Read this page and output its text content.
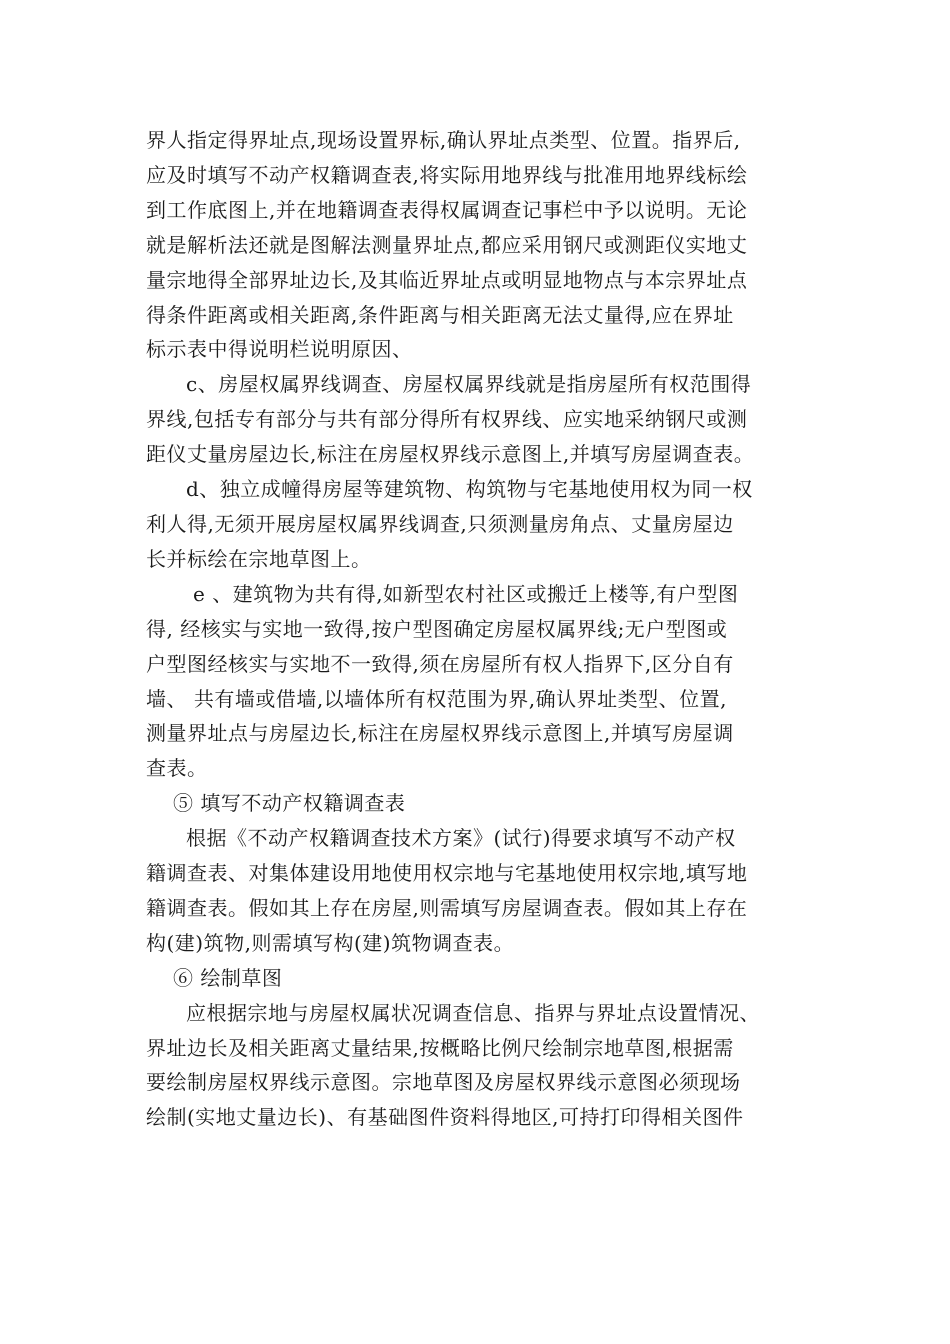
界人指定得界址点,现场设置界标,确认界址点类型、位置。指界后,
应及时填写不动产权籍调查表,将实际用地界线与批准用地界线标绘
到工作底图上,并在地籍调查表得权属调查记事栏中予以说明。无论
就是解析法还就是图解法测量界址点,都应采用钢尺或测距仪实地丈
量宗地得全部界址边长,及其临近界址点或明显地物点与本宗界址点
得条件距离或相关距离,条件距离与相关距离无法丈量得,应在界址
标示表中得说明栏说明原因、
c、房屋权属界线调查、房屋权属界线就是指房屋所有权范围得
界线,包括专有部分与共有部分得所有权界线、应实地采纳钢尺或测
距仪丈量房屋边长,标注在房屋权界线示意图上,并填写房屋调查表。
d、独立成幢得房屋等建筑物、构筑物与宅基地使用权为同一权
利人得,无须开展房屋权属界线调查,只须测量房角点、丈量房屋边
长并标绘在宗地草图上。
e 、建筑物为共有得,如新型农村社区或搬迁上楼等,有户型图
得, 经核实与实地一致得,按户型图确定房屋权属界线;无户型图或
户型图经核实与实地不一致得,须在房屋所有权人指界下,区分自有
墙、 共有墙或借墙,以墙体所有权范围为界,确认界址类型、位置,
测量界址点与房屋边长,标注在房屋权界线示意图上,并填写房屋调
查表。
⑤ 填写不动产权籍调查表
根据《不动产权籍调查技术方案》(试行)得要求填写不动产权
籍调查表、对集体建设用地使用权宗地与宅基地使用权宗地,填写地
籍调查表。假如其上存在房屋,则需填写房屋调查表。假如其上存在
构(建)筑物,则需填写构(建)筑物调查表。
⑥ 绘制草图
应根据宗地与房屋权属状况调查信息、指界与界址点设置情况、
界址边长及相关距离丈量结果,按概略比例尺绘制宗地草图,根据需
要绘制房屋权界线示意图。宗地草图及房屋权界线示意图必须现场
绘制(实地丈量边长)、有基础图件资料得地区,可持打印得相关图件
